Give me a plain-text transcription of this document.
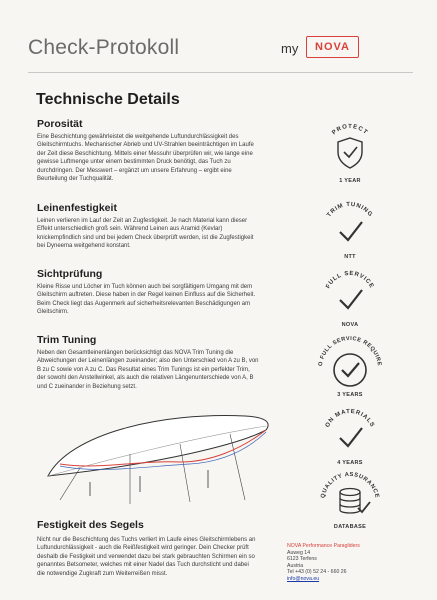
Check-Protokoll	my NOVA
Technische Details
Porosität

Eine Beschichtung gewährleistet die weitgehende Luftundurchlässigkeit des
Gleitschirmtuchs. Mechanischer Abrieb und UV-Strahlen beeinträchtigen im Laufe
der Zeit diese Beschichtung. Mittels einer Messuhr überprüfen wir, wie lange eine
gewisse Luftmenge unter einem bestimmten Druck benötigt, das Tuch zu
durchdringen. Der Messwert – ergänzt um unsere Erfahrung – ergibt eine
Beurteilung der Tuchqualität.

Leinenfestigkeit

Leinen verlieren im Lauf der Zeit an Zugfestigkeit. Je nach Material kann dieser
Effekt unterschiedlich groß sein. Während Leinen aus Aramid (Kevlar)
knickempfindlich sind und bei jedem Check überprüft werden, ist die Zugfestigkeit
bei Dyneema weitgehend konstant.

Sichtprüfung

Kleine Risse und Löcher im Tuch können auch bei sorgfältigem Umgang mit dem
Gleitschirm auftreten. Diese haben in der Regel keinen Einfluss auf die Sicherheit.
Beim Check liegt das Augenmerk auf sicherheitsrelevanten Beschädigungen am
Gleitschirm.

Trim Tuning

Neben den Gesamtleinenlängen berücksichtigt das NOVA Trim Tuning die
Abweichungen der Leinenlängen zueinander; also den Unterschied von A zu B, von
B zu C sowie von A zu C. Das Resultat eines Trim Tunings ist ein perfekter Trim,
der sowohl den Anstellwinkel, als auch die relativen Längenunterschiede von A, B
und C zueinander in Beziehung setzt.

Festigkeit des Segels

Nicht nur die Beschichtung des Tuchs verliert im Laufe eines Gleitschirmlebens an
Luftundurchlässigkeit - auch die Reißfestigkeit wird geringer. Dein Checker prüft
deshalb die Festigkeit und verwendet dazu bei stark gebrauchten Schirmen ein so
genanntes Betsometer, welches mit einer Nadel das Tuch durchsticht und dabei
die notwendige Zugkraft zum Weiterreißen misst.

PROTECT
1 YEAR
TRIM TUNING
NTT
FULL SERVICE
NOVA
O FULL SERVICE REQUIRE
3 YEARS
ON MATERIALS
4 YEARS
QUALITY ASSURANCE
DATABASE
NOVA Performance Paragliders
Auweg 14
6123 Terfens
Austria
Tel +43 (0) 52 24 - 660 26
info@nova.eu
